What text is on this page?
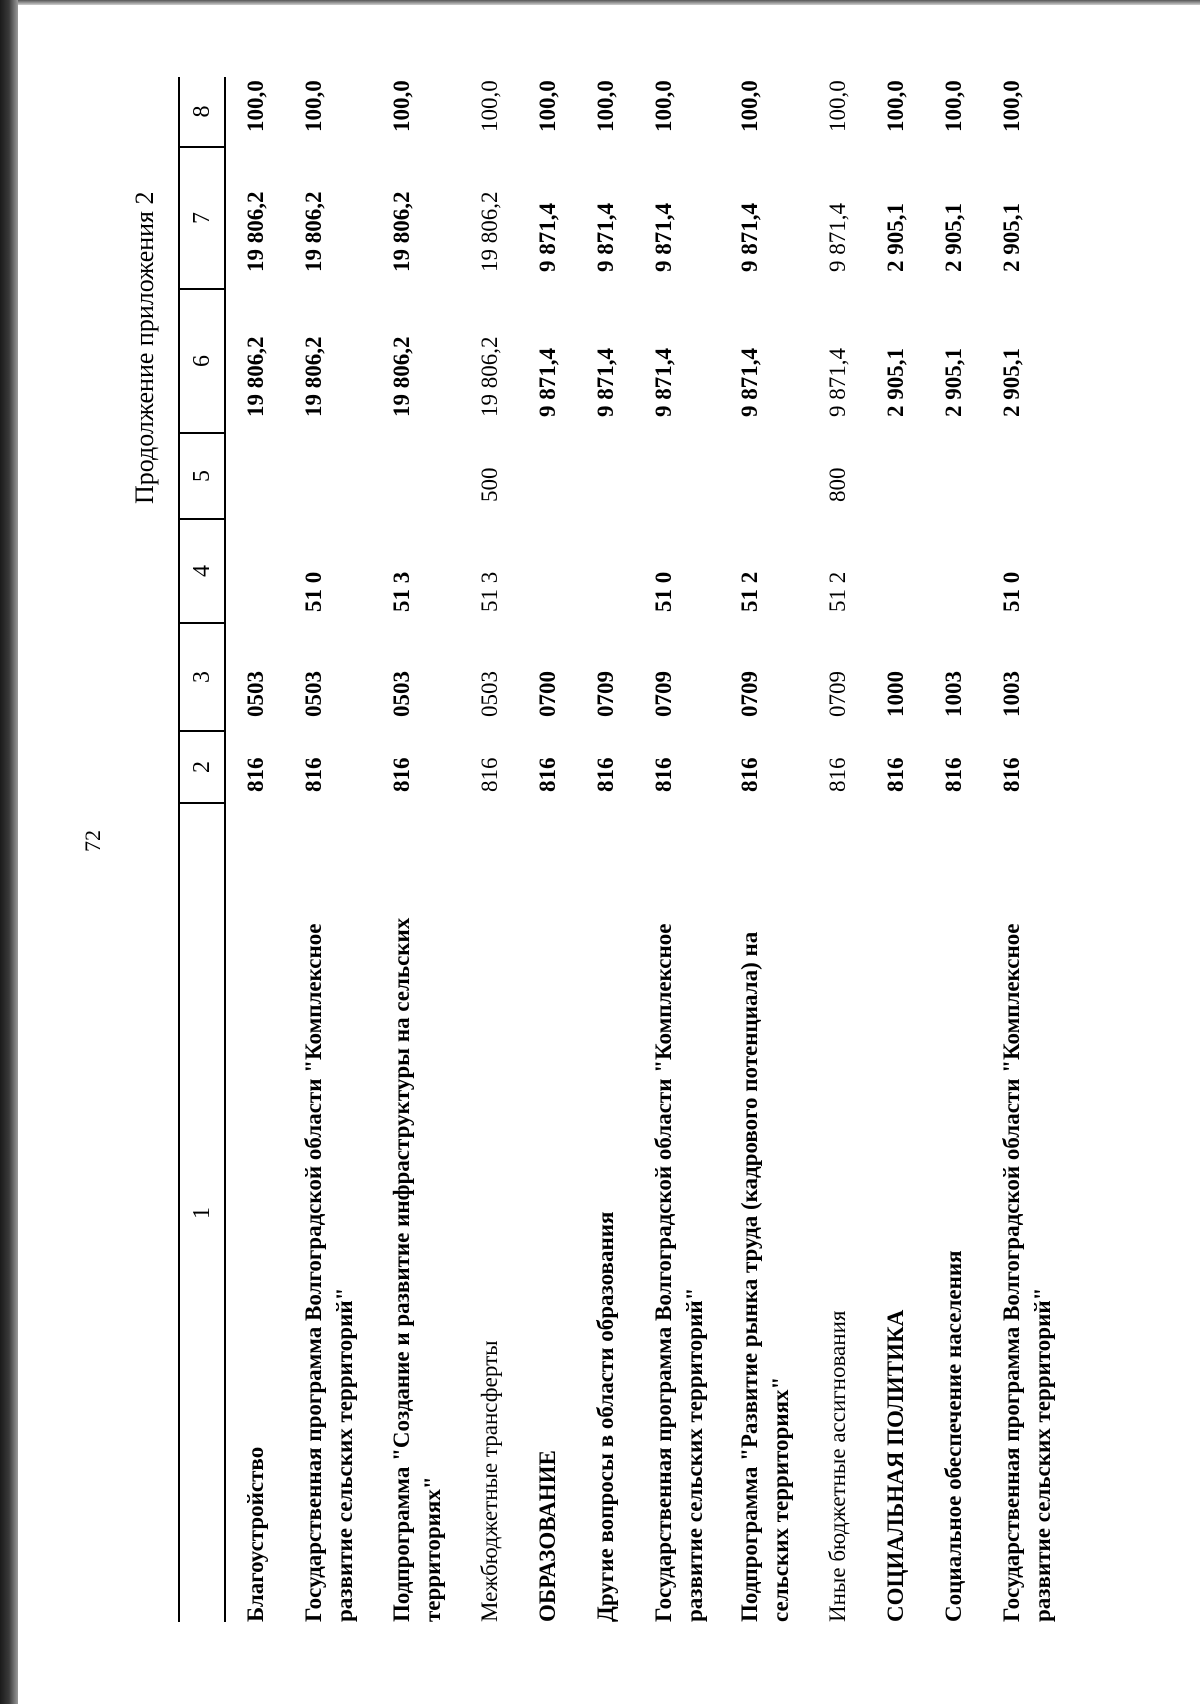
72
Продолжение приложения 2
1
2
3
4
5
6
7
8
Благоустройство
816
0503
19 806,2
19 806,2
100,0
Государственная программа Волгоградской области "Комплексное развитие сельских территорий"
816
0503
51 0
19 806,2
19 806,2
100,0
Подпрограмма "Создание и развитие инфраструктуры на сельских территориях"
816
0503
51 3
19 806,2
19 806,2
100,0
Межбюджетные трансферты
816
0503
51 3
500
19 806,2
19 806,2
100,0
ОБРАЗОВАНИЕ
816
0700
9 871,4
9 871,4
100,0
Другие вопросы в области образования
816
0709
9 871,4
9 871,4
100,0
Государственная программа Волгоградской области "Комплексное развитие сельских территорий"
816
0709
51 0
9 871,4
9 871,4
100,0
Подпрограмма "Развитие рынка труда (кадрового потенциала) на сельских территориях"
816
0709
51 2
9 871,4
9 871,4
100,0
Иные бюджетные ассигнования
816
0709
51 2
800
9 871,4
9 871,4
100,0
СОЦИАЛЬНАЯ ПОЛИТИКА
816
1000
2 905,1
2 905,1
100,0
Социальное обеспечение населения
816
1003
2 905,1
2 905,1
100,0
Государственная программа Волгоградской области "Комплексное развитие сельских территорий"
816
1003
51 0
2 905,1
2 905,1
100,0
